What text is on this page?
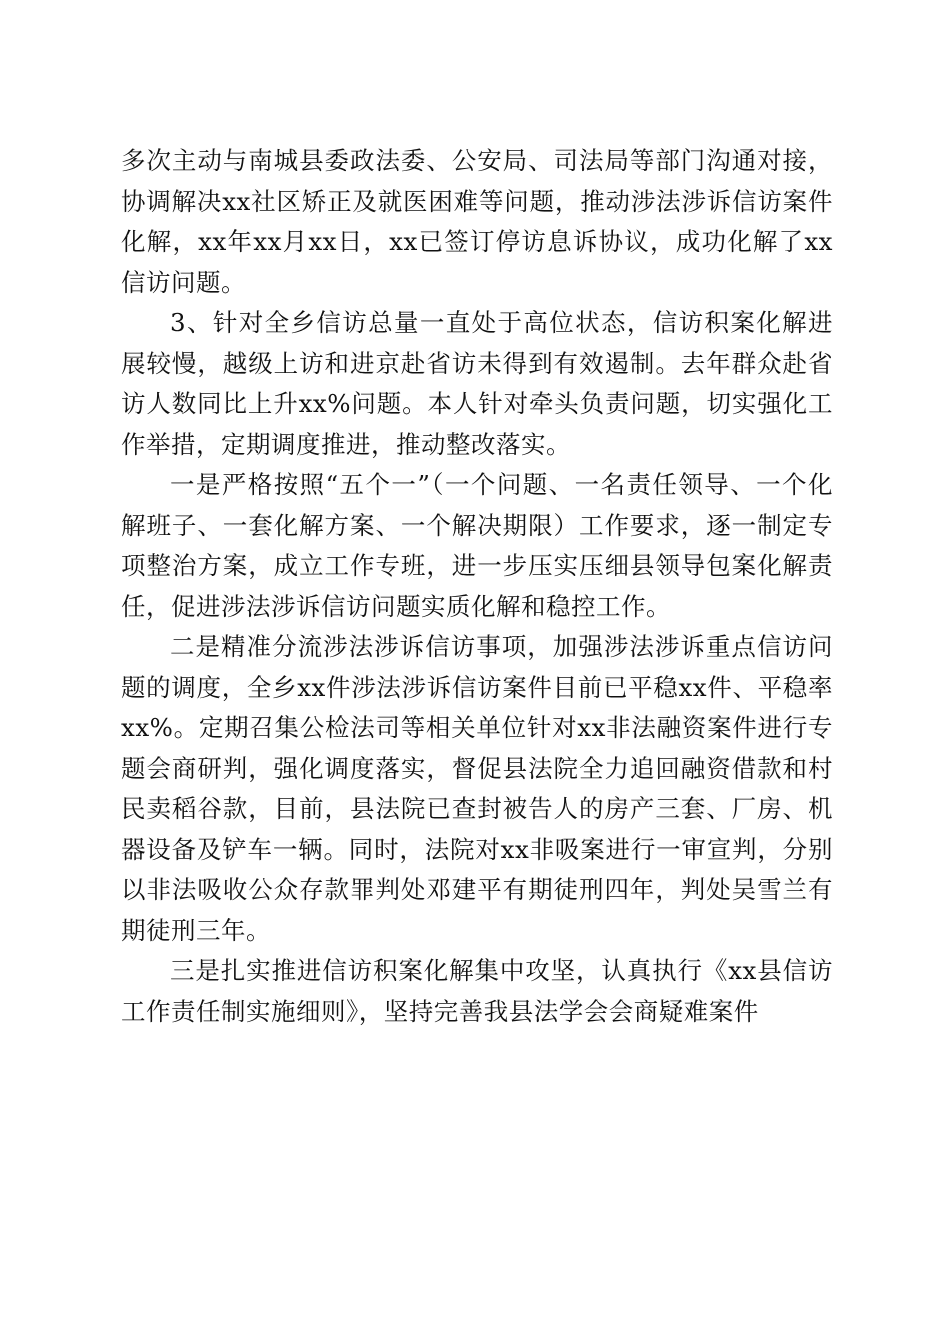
多次主动与南城县委政法委、公安局、司法局等部门沟通对接，协调解决xx社区矫正及就医困难等问题，推动涉法涉诉信访案件化解，xx年xx月xx日，xx已签订停访息诉协议，成功化解了xx信访问题。

3、针对全乡信访总量一直处于高位状态，信访积案化解进展较慢，越级上访和进京赴省访未得到有效遏制。去年群众赴省访人数同比上升xx%问题。本人针对牵头负责问题，切实强化工作举措，定期调度推进，推动整改落实。

一是严格按照“五个一”（一个问题、一名责任领导、一个化解班子、一套化解方案、一个解决期限）工作要求，逐一制定专项整治方案，成立工作专班，进一步压实压细县领导包案化解责任，促进涉法涉诉信访问题实质化解和稳控工作。

二是精准分流涉法涉诉信访事项，加强涉法涉诉重点信访问题的调度，全乡xx件涉法涉诉信访案件目前已平稳xx件、平稳率xx%。定期召集公检法司等相关单位针对xx非法融资案件进行专题会商研判，强化调度落实，督促县法院全力追回融资借款和村民卖稻谷款，目前，县法院已查封被告人的房产三套、厂房、机器设备及铲车一辆。同时，法院对xx非吸案进行一审宣判，分别以非法吸收公众存款罪判处邓建平有期徒刑四年，判处吴雪兰有期徒刑三年。

三是扎实推进信访积案化解集中攻坚，认真执行《xx县信访工作责任制实施细则》，坚持完善我县法学会会商疑难案件
